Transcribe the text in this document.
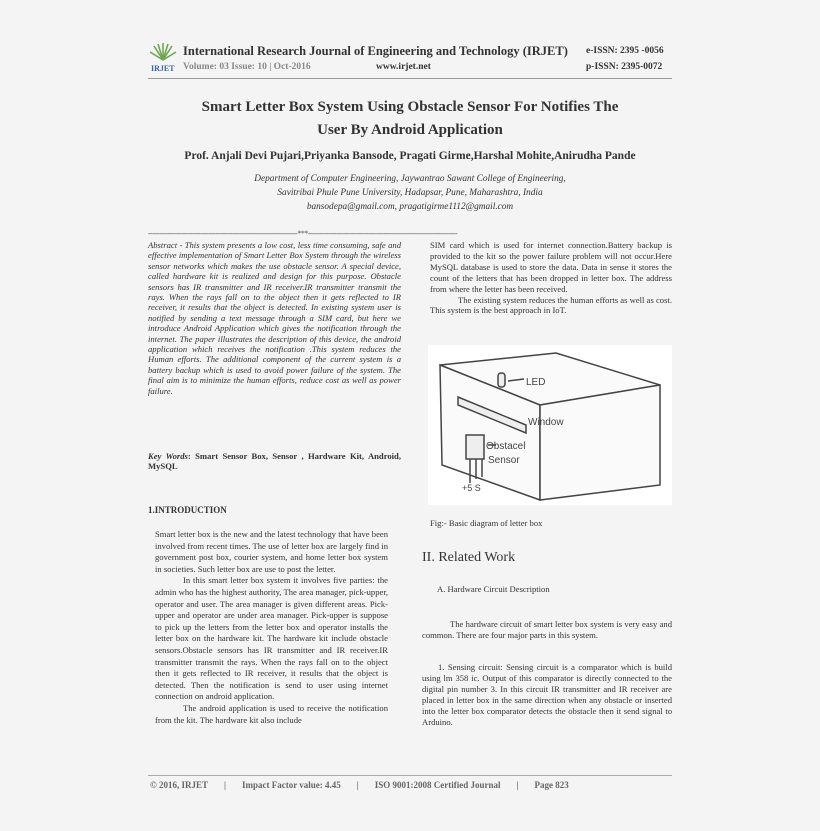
IRJET
International Research Journal of Engineering and Technology (IRJET)
Volume: 03 Issue: 10 | Oct-2016	www.irjet.net
e-ISSN: 2395 -0056
p-ISSN: 2395-0072
Smart Letter Box System Using Obstacle Sensor For Notifies The
User By Android Application
Prof. Anjali Devi Pujari,Priyanka Bansode, Pragati Girme,Harshal Mohite,Anirudha Pande
Department of Computer Engineering, Jaywantrao Sawant College of Engineering,
Savitribai Phule Pune University, Hadapsar, Pune, Maharashtra, India
bansodepa@gmail.com, pragatigirme1112@gmail.com
---------------------------------------------------------------------***---------------------------------------------------------------------

Abstract - This system presents a low cost, less time consuming, safe and effective implementation of Smart Letter Box System through the wireless sensor networks which makes the use obstacle sensor. A special device, called hardware kit is realized and design for this purpose. Obstacle sensors has IR transmitter and IR receiver.IR transmitter transmit the rays. When the rays fall on to the object then it gets reflected to IR receiver, it results that the object is detected. In existing system user is notified by sending a text message through a SIM card, but here we introduce Android Application which gives the notification through the internet. The paper illustrates the description of this device, the android application which receives the notification .This system reduces the Human efforts. The additional component of the current system is a battery backup which is used to avoid power failure of the system. The final aim is to minimize the human efforts, reduce cost as well as power failure.

Key Words: Smart Sensor Box, Sensor , Hardware Kit, Android, MySQL

1.INTRODUCTION

Smart letter box is the new and the latest technology that have been involved from recent times. The use of letter box are largely find in government post box, courier system, and home letter box system in societies. Such letter box are use to post the letter.

In this smart letter box system it involves five parties: the admin who has the highest authority, The area manager, pick-upper, operator and user. The area manager is given different areas. Pick-upper and operator are under area manager. Pick-upper is suppose to pick up the letters from the letter box and operator installs the letter box on the hardware kit. The hardware kit include obstacle sensors.Obstacle sensors has IR transmitter and IR receiver.IR transmitter transmit the rays. When the rays fall on to the object then it gets reflected to IR receiver, it results that the object is detected. Then the notification is send to user using internet connection on android application.

The android application is used to receive the notification from the kit. The hardware kit also include

SIM card which is used for internet connection.Battery backup is provided to the kit so the power failure problem will not occur.Here MySQL database is used to store the data. Data in sense it stores the count of the letters that has been dropped in letter box. The address from where the letter has been received.

The existing system reduces the human efforts as well as cost. This system is the best approach in IoT.

LED
Window
Obstacel
Sensor
+5 S
Fig:- Basic diagram of letter box
II. Related Work
A. Hardware Circuit Description

The hardware circuit of smart letter box system is very easy and common. There are four major parts in this system.

1. Sensing circuit: Sensing circuit is a comparator which is build using lm 358 ic. Output of this comparator is directly connected to the digital pin number 3. In this circuit IR transmitter and IR receiver are placed in letter box in the same direction when any obstacle or inserted into the letter box comparator detects the obstacle then it send signal to Arduino.

© 2016, IRJET | Impact Factor value: 4.45 | ISO 9001:2008 Certified Journal | Page 823
